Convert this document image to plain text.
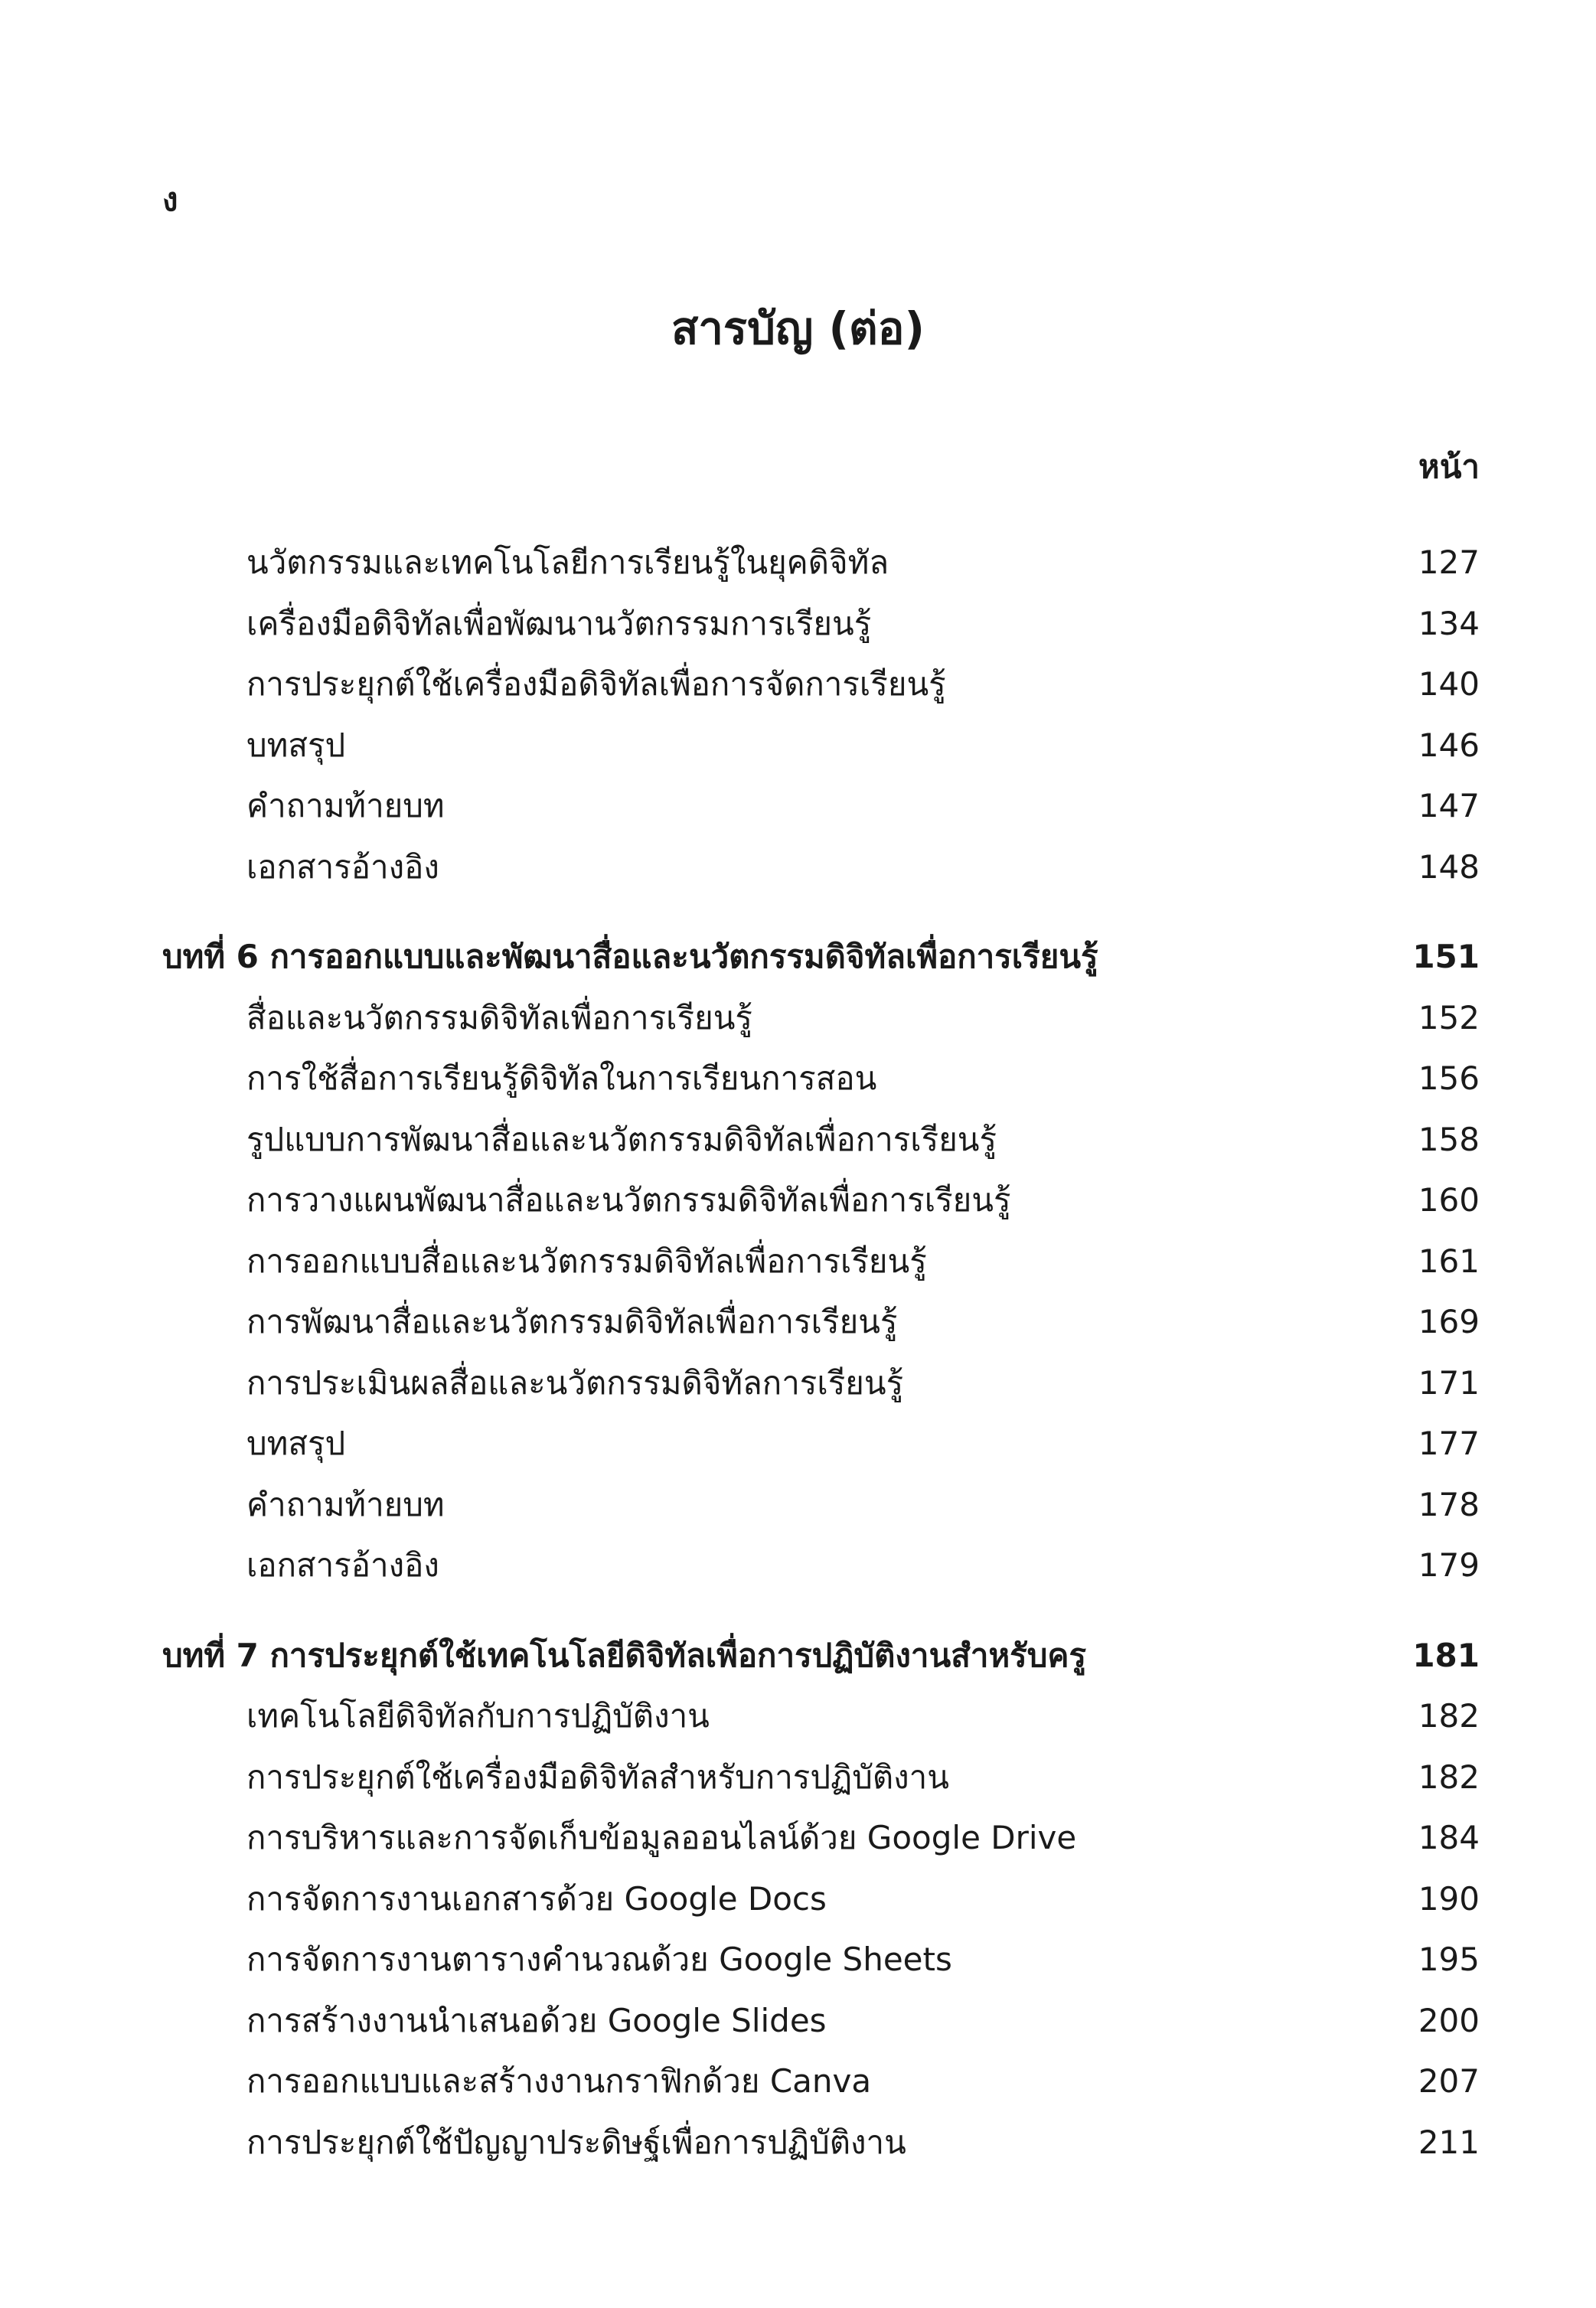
ง
สารบัญ (ต่อ)
หน้า
นวัตกรรมและเทคโนโลยีการเรียนรู้ในยุคดิจิทัล	127
เครื่องมือดิจิทัลเพื่อพัฒนานวัตกรรมการเรียนรู้	134
การประยุกต์ใช้เครื่องมือดิจิทัลเพื่อการจัดการเรียนรู้	140
บทสรุป	146
คำถามท้ายบท	147
เอกสารอ้างอิง	148
บทที่ 6 การออกแบบและพัฒนาสื่อและนวัตกรรมดิจิทัลเพื่อการเรียนรู้	151
สื่อและนวัตกรรมดิจิทัลเพื่อการเรียนรู้	152
การใช้สื่อการเรียนรู้ดิจิทัลในการเรียนการสอน	156
รูปแบบการพัฒนาสื่อและนวัตกรรมดิจิทัลเพื่อการเรียนรู้	158
การวางแผนพัฒนาสื่อและนวัตกรรมดิจิทัลเพื่อการเรียนรู้	160
การออกแบบสื่อและนวัตกรรมดิจิทัลเพื่อการเรียนรู้	161
การพัฒนาสื่อและนวัตกรรมดิจิทัลเพื่อการเรียนรู้	169
การประเมินผลสื่อและนวัตกรรมดิจิทัลการเรียนรู้	171
บทสรุป	177
คำถามท้ายบท	178
เอกสารอ้างอิง	179
บทที่ 7 การประยุกต์ใช้เทคโนโลยีดิจิทัลเพื่อการปฏิบัติงานสำหรับครู	181
เทคโนโลยีดิจิทัลกับการปฏิบัติงาน	182
การประยุกต์ใช้เครื่องมือดิจิทัลสำหรับการปฏิบัติงาน	182
การบริหารและการจัดเก็บข้อมูลออนไลน์ด้วย Google Drive	184
การจัดการงานเอกสารด้วย Google Docs	190
การจัดการงานตารางคำนวณด้วย Google Sheets	195
การสร้างงานนำเสนอด้วย Google Slides	200
การออกแบบและสร้างงานกราฟิกด้วย Canva	207
การประยุกต์ใช้ปัญญาประดิษฐ์เพื่อการปฏิบัติงาน	211
